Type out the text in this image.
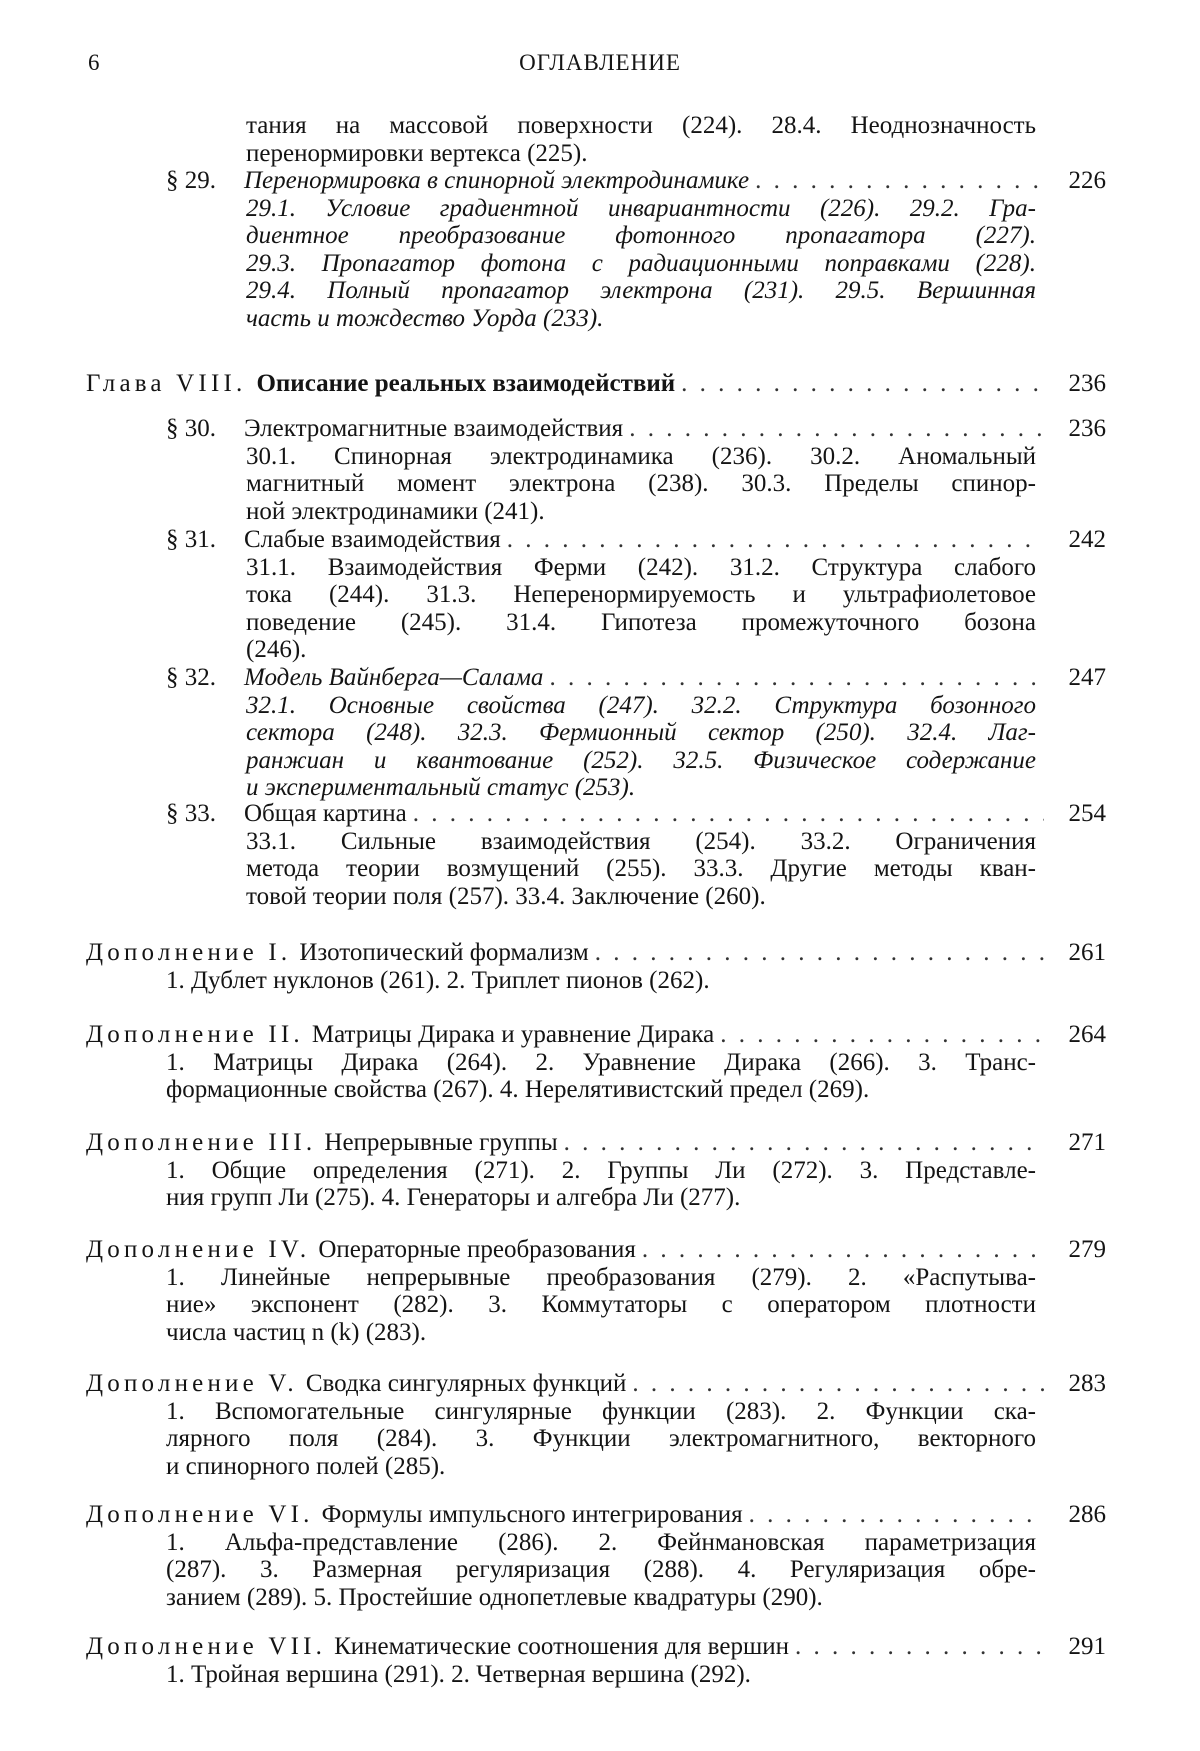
6	ОГЛАВЛЕНИЕ
тания на массовой поверхности (224). 28.4. Неоднозначность
перенормировки вертекса (225).
§ 29.	Перенормировка в спинорной электродинамике . . .	226
29.1. Условие градиентной инвариантности (226). 29.2. Гра-
диентное преобразование фотонного пропагатора (227).
29.3. Пропагатор фотона с радиационными поправками (228).
29.4. Полный пропагатор электрона (231). 29.5. Вершинная
часть и тождество Уорда (233).
Глава VIII. Описание реальных взаимодействий . . .	236
§ 30.	Электромагнитные взаимодействия . . .	236
30.1. Спинорная электродинамика (236). 30.2. Аномальный
магнитный момент электрона (238). 30.3. Пределы спинор-
ной электродинамики (241).
§ 31.	Слабые взаимодействия . . .	242
31.1. Взаимодействия Ферми (242). 31.2. Структура слабого
тока (244). 31.3. Неперенормируемость и ультрафиолетовое
поведение (245). 31.4. Гипотеза промежуточного бозона
(246).
§ 32.	Модель Вайнберга—Салама . . .	247
32.1. Основные свойства (247). 32.2. Структура бозонного
сектора (248). 32.3. Фермионный сектор (250). 32.4. Лаг-
ранжиан и квантование (252). 32.5. Физическое содержание
и экспериментальный статус (253).
§ 33.	Общая картина . . .	254
33.1. Сильные взаимодействия (254). 33.2. Ограничения
метода теории возмущений (255). 33.3. Другие методы кван-
товой теории поля (257). 33.4. Заключение (260).
Дополнение I. Изотопический формализм . . .	261
1. Дублет нуклонов (261). 2. Триплет пионов (262).
Дополнение II. Матрицы Дирака и уравнение Дирака . . .	264
1. Матрицы Дирака (264). 2. Уравнение Дирака (266). 3. Транс-
формационные свойства (267). 4. Нерелятивистский предел (269).
Дополнение III. Непрерывные группы . . .	271
1. Общие определения (271). 2. Группы Ли (272). 3. Представле-
ния групп Ли (275). 4. Генераторы и алгебра Ли (277).
Дополнение IV. Операторные преобразования . . .	279
1. Линейные непрерывные преобразования (279). 2. «Распутыва-
ние» экспонент (282). 3. Коммутаторы с оператором плотности
числа частиц n (k) (283).
Дополнение V. Сводка сингулярных функций . . .	283
1. Вспомогательные сингулярные функции (283). 2. Функции ска-
лярного поля (284). 3. Функции электромагнитного, векторного
и спинорного полей (285).
Дополнение VI. Формулы импульсного интегрирования . . .	286
1. Альфа-представление (286). 2. Фейнмановская параметризация
(287). 3. Размерная регуляризация (288). 4. Регуляризация обре-
занием (289). 5. Простейшие однопетлевые квадратуры (290).
Дополнение VII. Кинематические соотношения для вершин . . .	291
1. Тройная вершина (291). 2. Четверная вершина (292).
